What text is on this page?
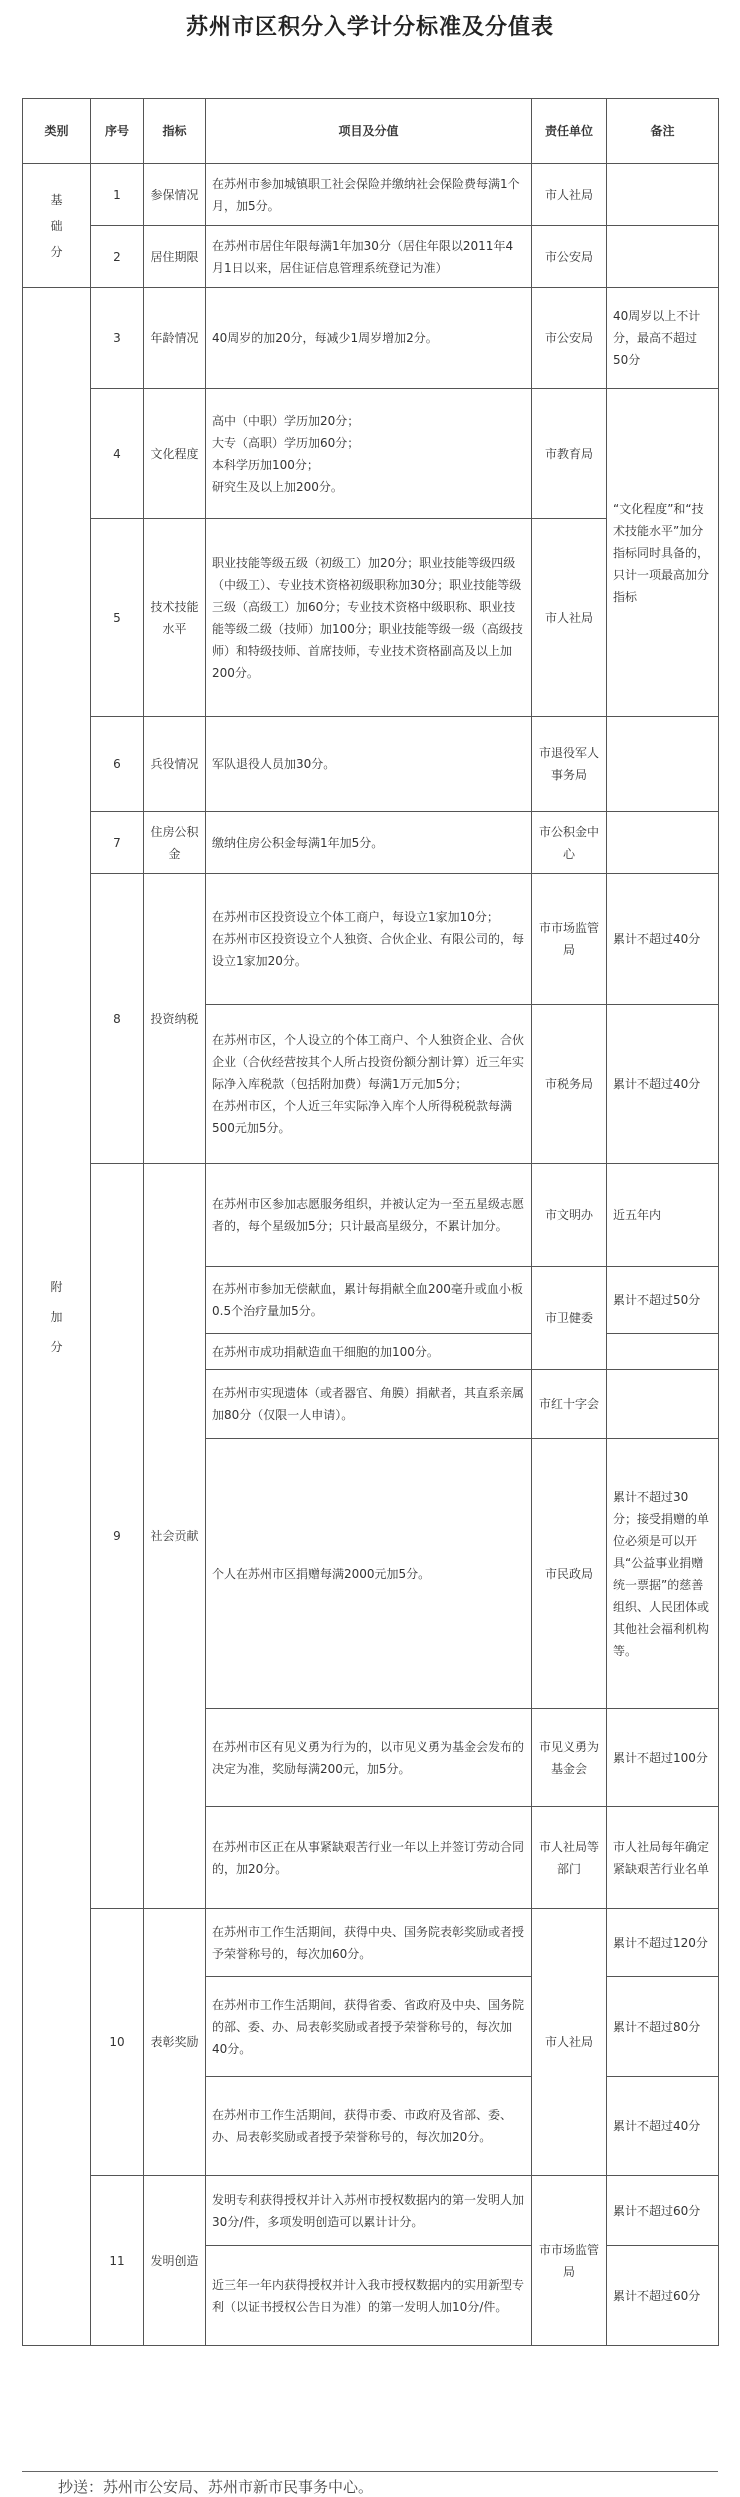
苏州市区积分入学计分标准及分值表
类别	序号	指标	项目及分值	责任单位	备注

基础分	1	参保情况	在苏州市参加城镇职工社会保险并缴纳社会保险费每满1个月，加5分。	市人社局	
	2	居住期限	在苏州市居住年限每满1年加30分（居住年限以2011年4月1日以来，居住证信息管理系统登记为准）	市公安局	

附加分	3	年龄情况	40周岁的加20分，每减少1周岁增加2分。	市公安局	40周岁以上不计分，最高不超过50分
	4	文化程度	高中（中职）学历加20分；
大专（高职）学历加60分；
本科学历加100分；
研究生及以上加200分。	市教育局	“文化程度”和“技术技能水平”加分指标同时具备的，只计一项最高加分指标
	5	技术技能水平	职业技能等级五级（初级工）加20分；职业技能等级四级（中级工）、专业技术资格初级职称加30分；职业技能等级三级（高级工）加60分；专业技术资格中级职称、职业技能等级二级（技师）加100分；职业技能等级一级（高级技师）和特级技师、首席技师，专业技术资格副高及以上加200分。	市人社局	
	6	兵役情况	军队退役人员加30分。	市退役军人事务局	
	7	住房公积金	缴纳住房公积金每满1年加5分。	市公积金中心	
	8	投资纳税	在苏州市区投资设立个体工商户，每设立1家加10分；
在苏州市区投资设立个人独资、合伙企业、有限公司的，每设立1家加20分。	市市场监管局	累计不超过40分

			在苏州市区，个人设立的个体工商户、个人独资企业、合伙企业（合伙经营按其个人所占投资份额分割计算）近三年实际净入库税款（包括附加费）每满1万元加5分；
在苏州市区，个人近三年实际净入库个人所得税税款每满500元加5分。	市税务局	累计不超过40分
	9	社会贡献	在苏州市区参加志愿服务组织，并被认定为一至五星级志愿者的，每个星级加5分；只计最高星级分，不累计加分。	市文明办	近五年内
			在苏州市参加无偿献血，累计每捐献全血200毫升或血小板0.5个治疗量加5分。	市卫健委	累计不超过50分
			在苏州市成功捐献造血干细胞的加100分。		
			在苏州市实现遗体（或者器官、角膜）捐献者，其直系亲属加80分（仅限一人申请）。	市红十字会	
			个人在苏州市区捐赠每满2000元加5分。	市民政局	累计不超过30分；接受捐赠的单位必须是可以开具“公益事业捐赠统一票据”的慈善组织、人民团体或其他社会福利机构等。
			在苏州市区有见义勇为行为的，以市见义勇为基金会发布的决定为准，奖励每满200元，加5分。	市见义勇为基金会	累计不超过100分
			在苏州市区正在从事紧缺艰苦行业一年以上并签订劳动合同的，加20分。	市人社局等部门	市人社局每年确定紧缺艰苦行业名单
	10	表彰奖励	在苏州市工作生活期间，获得中央、国务院表彰奖励或者授予荣誉称号的，每次加60分。	市人社局	累计不超过120分
			在苏州市工作生活期间，获得省委、省政府及中央、国务院的部、委、办、局表彰奖励或者授予荣誉称号的，每次加40分。		累计不超过80分
			在苏州市工作生活期间，获得市委、市政府及省部、委、办、局表彰奖励或者授予荣誉称号的，每次加20分。		累计不超过40分
	11	发明创造	发明专利获得授权并计入苏州市授权数据内的第一发明人加30分/件，多项发明创造可以累计计分。	市市场监管局	累计不超过60分
			近三年一年内获得授权并计入我市授权数据内的实用新型专利（以证书授权公告日为准）的第一发明人加10分/件。		累计不超过60分
抄送：苏州市公安局、苏州市新市民事务中心。
